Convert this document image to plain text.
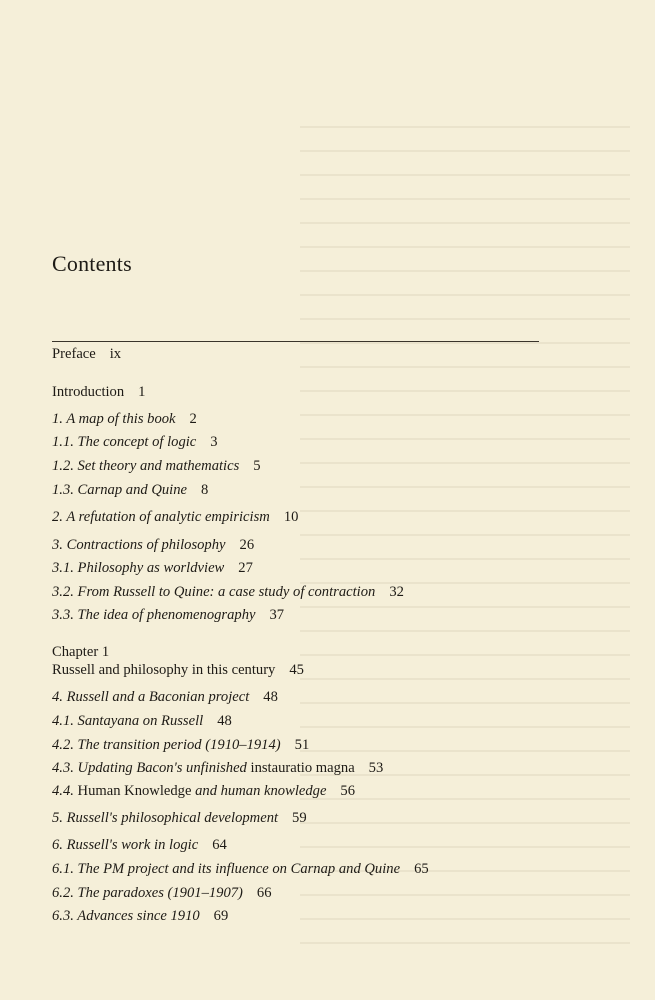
Contents
Preface ix
Introduction 1
1. A map of this book 2
1.1. The concept of logic 3
1.2. Set theory and mathematics 5
1.3. Carnap and Quine 8
2. A refutation of analytic empiricism 10
3. Contractions of philosophy 26
3.1. Philosophy as worldview 27
3.2. From Russell to Quine: a case study of contraction 32
3.3. The idea of phenomenography 37
Chapter 1
Russell and philosophy in this century 45
4. Russell and a Baconian project 48
4.1. Santayana on Russell 48
4.2. The transition period (1910–1914) 51
4.3. Updating Bacon's unfinished instauratio magna 53
4.4. Human Knowledge and human knowledge 56
5. Russell's philosophical development 59
6. Russell's work in logic 64
6.1. The PM project and its influence on Carnap and Quine 65
6.2. The paradoxes (1901–1907) 66
6.3. Advances since 1910 69
